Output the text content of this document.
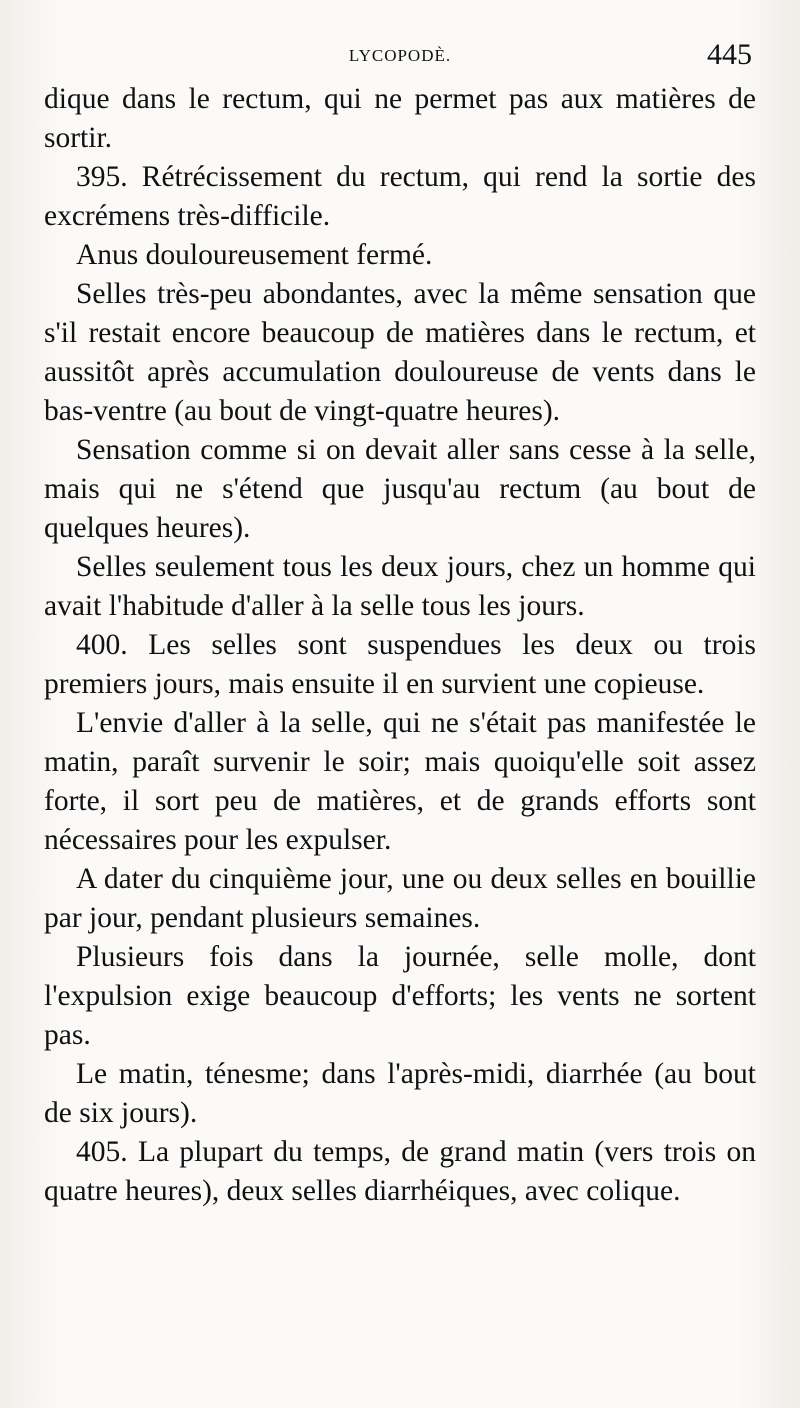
LYCOPODÈ.	445

dique dans le rectum, qui ne permet pas aux matières de sortir.

395. Rétrécissement du rectum, qui rend la sortie des excrémens très-difficile.

Anus douloureusement fermé.

Selles très-peu abondantes, avec la même sensation que s'il restait encore beaucoup de matières dans le rectum, et aussitôt après accumulation douloureuse de vents dans le bas-ventre (au bout de vingt-quatre heures).

Sensation comme si on devait aller sans cesse à la selle, mais qui ne s'étend que jusqu'au rectum (au bout de quelques heures).

Selles seulement tous les deux jours, chez un homme qui avait l'habitude d'aller à la selle tous les jours.

400. Les selles sont suspendues les deux ou trois premiers jours, mais ensuite il en survient une copieuse.

L'envie d'aller à la selle, qui ne s'était pas manifestée le matin, paraît survenir le soir; mais quoiqu'elle soit assez forte, il sort peu de matières, et de grands efforts sont nécessaires pour les expulser.

A dater du cinquième jour, une ou deux selles en bouillie par jour, pendant plusieurs semaines.

Plusieurs fois dans la journée, selle molle, dont l'expulsion exige beaucoup d'efforts; les vents ne sortent pas.

Le matin, ténesme; dans l'après-midi, diarrhée (au bout de six jours).

405. La plupart du temps, de grand matin (vers trois on quatre heures), deux selles diarrhéiques, avec colique.
